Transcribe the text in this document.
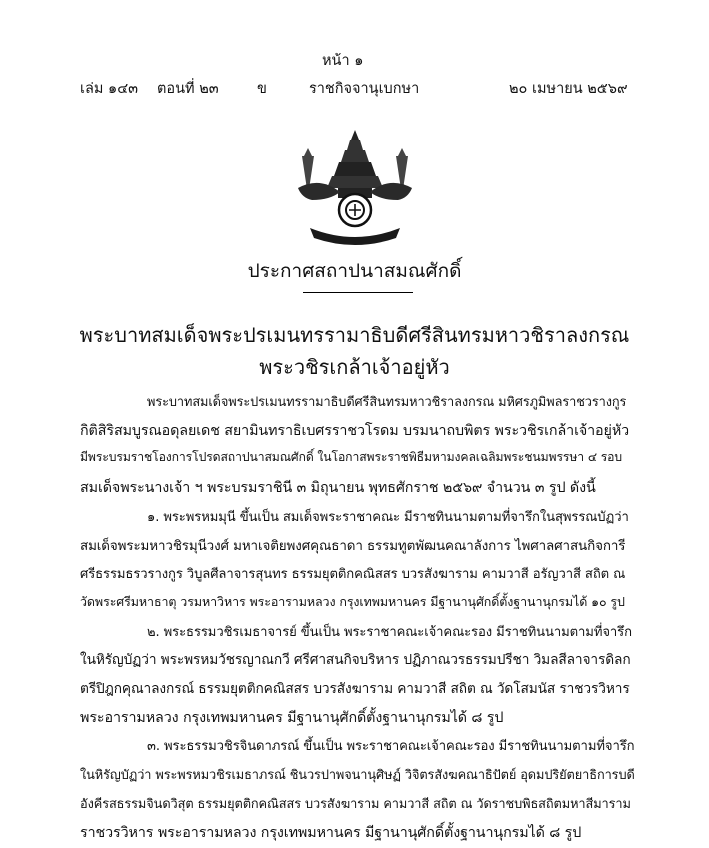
หน้า ๑
เล่ม ๑๔๓ ตอนที่ ๒๓	ข	ราชกิจจานุเบกษา	๒๐ เมษายน ๒๕๖๙
ประกาศสถาปนาสมณศักดิ์
พระบาทสมเด็จพระปรเมนทรรามาธิบดีศรีสินทรมหาวชิราลงกรณ
พระวชิรเกล้าเจ้าอยู่หัว
พระบาทสมเด็จพระปรเมนทรรามาธิบดีศรีสินทรมหาวชิราลงกรณ มหิศรภูมิพลราชวรางกูร
กิติสิริสมบูรณอดุลยเดช สยามินทราธิเบศรราชวโรดม บรมนาถบพิตร พระวชิรเกล้าเจ้าอยู่หัว
มีพระบรมราชโองการโปรดสถาปนาสมณศักดิ์ ในโอกาสพระราชพิธีมหามงคลเฉลิมพระชนมพรรษา ๔ รอบ
สมเด็จพระนางเจ้า ฯ พระบรมราชินี ๓ มิถุนายน พุทธศักราช ๒๕๖๙ จำนวน ๓ รูป ดังนี้
๑. พระพรหมมุนี ขึ้นเป็น สมเด็จพระราชาคณะ มีราชทินนามตามที่จารึกในสุพรรณบัฏว่า
สมเด็จพระมหาวชิรมุนีวงศ์ มหาเจติยพงศคุณธาดา ธรรมทูตพัฒนคณาลังการ ไพศาลศาสนกิจการี
ศรีธรรมธรวรางกูร วิบูลศีลาจารสุนทร ธรรมยุตติกคณิสสร บวรสังฆาราม คามวาสี อรัญวาสี สถิต ณ
วัดพระศรีมหาธาตุ วรมหาวิหาร พระอารามหลวง กรุงเทพมหานคร มีฐานานุศักดิ์ตั้งฐานานุกรมได้ ๑๐ รูป
๒. พระธรรมวชิรเมธาจารย์ ขึ้นเป็น พระราชาคณะเจ้าคณะรอง มีราชทินนามตามที่จารึก
ในหิรัญบัฏว่า พระพรหมวัชรญาณกวี ศรีศาสนกิจบริหาร ปฏิภาณวรธรรมปรีชา วิมลสีลาจารดิลก
ตรีปิฎกคุณาลงกรณ์ ธรรมยุตติกคณิสสร บวรสังฆาราม คามวาสี สถิต ณ วัดโสมนัส ราชวรวิหาร
พระอารามหลวง กรุงเทพมหานคร มีฐานานุศักดิ์ตั้งฐานานุกรมได้ ๘ รูป
๓. พระธรรมวชิรจินดาภรณ์ ขึ้นเป็น พระราชาคณะเจ้าคณะรอง มีราชทินนามตามที่จารึก
ในหิรัญบัฏว่า พระพรหมวชิรเมธาภรณ์ ชินวรปาพจนานุศิษฏ์ วิจิตรสังฆคณาธิปัตย์ อุดมปริยัตยาธิการบดี
อังคีรสธรรมจินดวิสุต ธรรมยุตติกคณิสสร บวรสังฆาราม คามวาสี สถิต ณ วัดราชบพิธสถิตมหาสีมาราม
ราชวรวิหาร พระอารามหลวง กรุงเทพมหานคร มีฐานานุศักดิ์ตั้งฐานานุกรมได้ ๘ รูป
